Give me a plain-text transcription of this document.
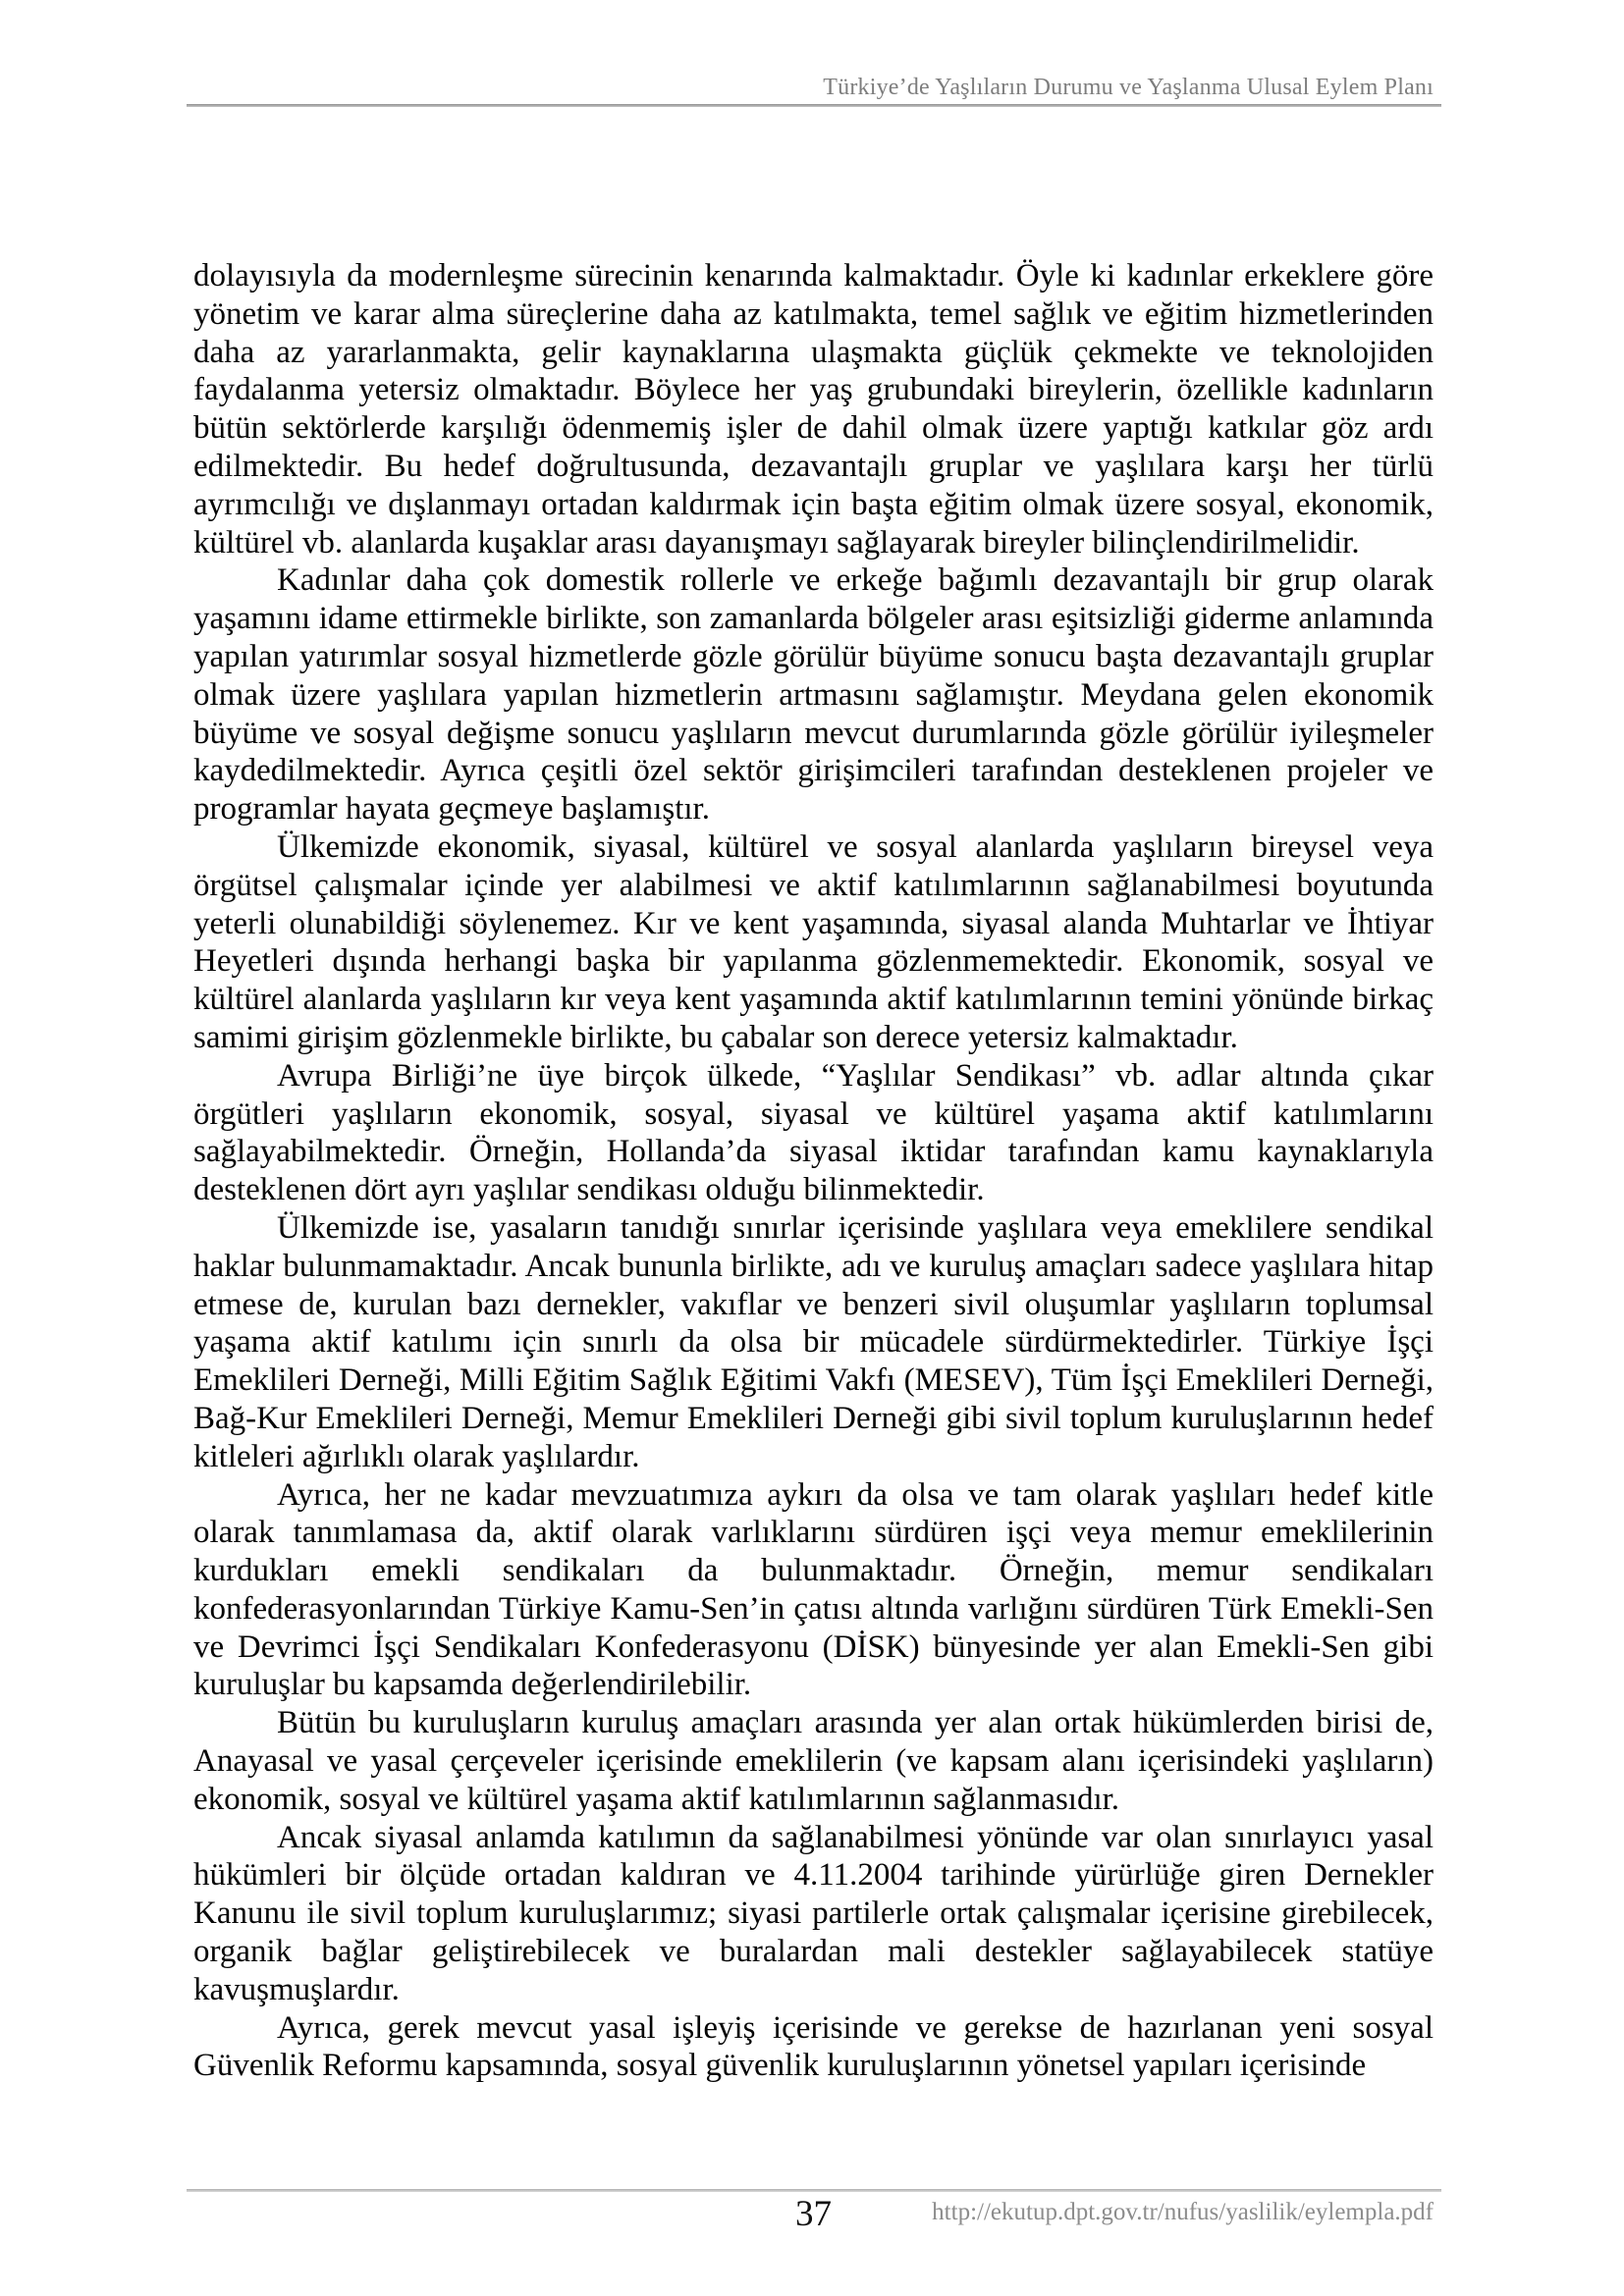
Türkiye’de Yaşlıların Durumu ve Yaşlanma Ulusal Eylem Planı

dolayısıyla da modernleşme sürecinin kenarında kalmaktadır. Öyle ki kadınlar erkeklere göre yönetim ve karar alma süreçlerine daha az katılmakta, temel sağlık ve eğitim hizmetlerinden daha az yararlanmakta, gelir kaynaklarına ulaşmakta güçlük çekmekte ve teknolojiden faydalanma yetersiz olmaktadır. Böylece her yaş grubundaki bireylerin, özellikle kadınların bütün sektörlerde karşılığı ödenmemiş işler de dahil olmak üzere yaptığı katkılar göz ardı edilmektedir. Bu hedef doğrultusunda, dezavantajlı gruplar ve yaşlılara karşı her türlü ayrımcılığı ve dışlanmayı ortadan kaldırmak için başta eğitim olmak üzere sosyal, ekonomik, kültürel vb. alanlarda kuşaklar arası dayanışmayı sağlayarak bireyler bilinçlendirilmelidir.

Kadınlar daha çok domestik rollerle ve erkeğe bağımlı dezavantajlı bir grup olarak yaşamını idame ettirmekle birlikte, son zamanlarda bölgeler arası eşitsizliği giderme anlamında yapılan yatırımlar sosyal hizmetlerde gözle görülür büyüme sonucu başta dezavantajlı gruplar olmak üzere yaşlılara yapılan hizmetlerin artmasını sağlamıştır. Meydana gelen ekonomik büyüme ve sosyal değişme sonucu yaşlıların mevcut durumlarında gözle görülür iyileşmeler kaydedilmektedir. Ayrıca çeşitli özel sektör girişimcileri tarafından desteklenen projeler ve programlar hayata geçmeye başlamıştır.

Ülkemizde ekonomik, siyasal, kültürel ve sosyal alanlarda yaşlıların bireysel veya örgütsel çalışmalar içinde yer alabilmesi ve aktif katılımlarının sağlanabilmesi boyutunda yeterli olunabildiği söylenemez. Kır ve kent yaşamında, siyasal alanda Muhtarlar ve İhtiyar Heyetleri dışında herhangi başka bir yapılanma gözlenmemektedir. Ekonomik, sosyal ve kültürel alanlarda yaşlıların kır veya kent yaşamında aktif katılımlarının temini yönünde birkaç samimi girişim gözlenmekle birlikte, bu çabalar son derece yetersiz kalmaktadır.

Avrupa Birliği’ne üye birçok ülkede, “Yaşlılar Sendikası” vb. adlar altında çıkar örgütleri yaşlıların ekonomik, sosyal, siyasal ve kültürel yaşama aktif katılımlarını sağlayabilmektedir. Örneğin, Hollanda’da siyasal iktidar tarafından kamu kaynaklarıyla desteklenen dört ayrı yaşlılar sendikası olduğu bilinmektedir.

Ülkemizde ise, yasaların tanıdığı sınırlar içerisinde yaşlılara veya emeklilere sendikal haklar bulunmamaktadır. Ancak bununla birlikte, adı ve kuruluş amaçları sadece yaşlılara hitap etmese de, kurulan bazı dernekler, vakıflar ve benzeri sivil oluşumlar yaşlıların toplumsal yaşama aktif katılımı için sınırlı da olsa bir mücadele sürdürmektedirler. Türkiye İşçi Emeklileri Derneği, Milli Eğitim Sağlık Eğitimi Vakfı (MESEV), Tüm İşçi Emeklileri Derneği, Bağ-Kur Emeklileri Derneği, Memur Emeklileri Derneği gibi sivil toplum kuruluşlarının hedef kitleleri ağırlıklı olarak yaşlılardır.

Ayrıca, her ne kadar mevzuatımıza aykırı da olsa ve tam olarak yaşlıları hedef kitle olarak tanımlamasa da, aktif olarak varlıklarını sürdüren işçi veya memur emeklilerinin kurdukları emekli sendikaları da bulunmaktadır. Örneğin, memur sendikaları konfederasyonlarından Türkiye Kamu-Sen’in çatısı altında varlığını sürdüren Türk Emekli-Sen ve Devrimci İşçi Sendikaları Konfederasyonu (DİSK) bünyesinde yer alan Emekli-Sen gibi kuruluşlar bu kapsamda değerlendirilebilir.

Bütün bu kuruluşların kuruluş amaçları arasında yer alan ortak hükümlerden birisi de, Anayasal ve yasal çerçeveler içerisinde emeklilerin (ve kapsam alanı içerisindeki yaşlıların) ekonomik, sosyal ve kültürel yaşama aktif katılımlarının sağlanmasıdır.

Ancak siyasal anlamda katılımın da sağlanabilmesi yönünde var olan sınırlayıcı yasal hükümleri bir ölçüde ortadan kaldıran ve 4.11.2004 tarihinde yürürlüğe giren Dernekler Kanunu ile sivil toplum kuruluşlarımız; siyasi partilerle ortak çalışmalar içerisine girebilecek, organik bağlar geliştirebilecek ve buralardan mali destekler sağlayabilecek statüye kavuşmuşlardır.

Ayrıca, gerek mevcut yasal işleyiş içerisinde ve gerekse de hazırlanan yeni sosyal Güvenlik Reformu kapsamında, sosyal güvenlik kuruluşlarının yönetsel yapıları içerisinde

37	http://ekutup.dpt.gov.tr/nufus/yaslilik/eylempla.pdf
